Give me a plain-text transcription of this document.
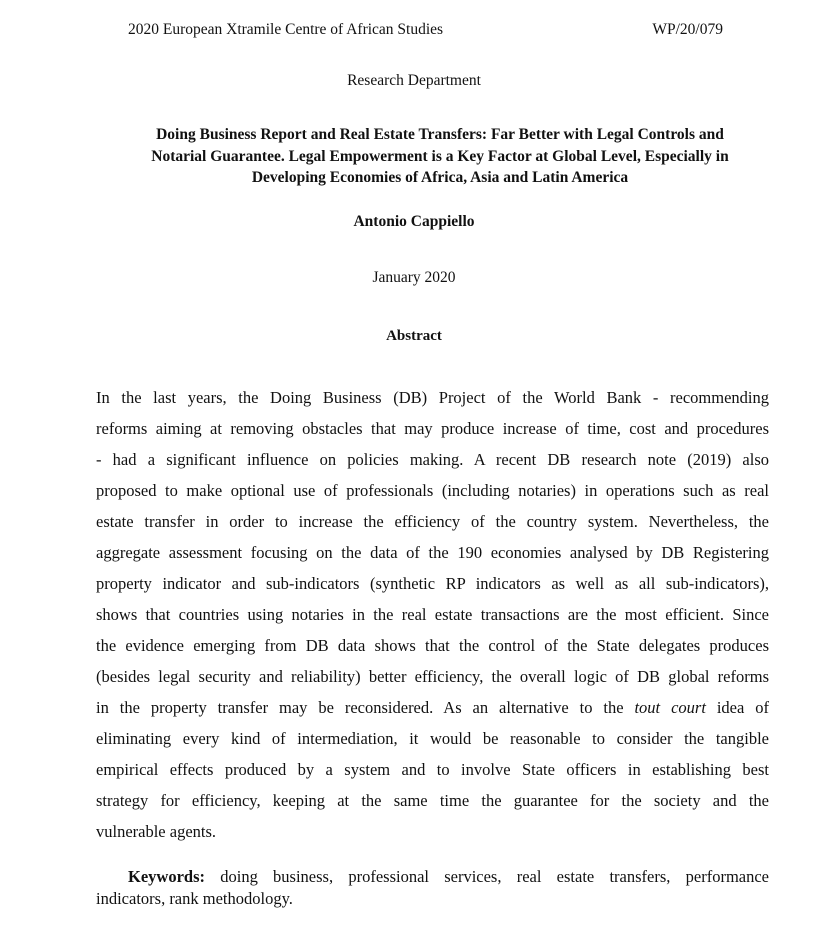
2020 European Xtramile Centre of African Studies	WP/20/079
Research Department
Doing Business Report and Real Estate Transfers: Far Better with Legal Controls and
Notarial Guarantee. Legal Empowerment is a Key Factor at Global Level, Especially in
Developing Economies of Africa, Asia and Latin America
Antonio Cappiello
January 2020
Abstract
In the last years, the Doing Business (DB) Project of the World Bank - recommending
reforms aiming at removing obstacles that may produce increase of time, cost and procedures
- had a significant influence on policies making. A recent DB research note (2019) also
proposed to make optional use of professionals (including notaries) in operations such as real
estate transfer in order to increase the efficiency of the country system. Nevertheless, the
aggregate assessment focusing on the data of the 190 economies analysed by DB Registering
property indicator and sub-indicators (synthetic RP indicators as well as all sub-indicators),
shows that countries using notaries in the real estate transactions are the most efficient. Since
the evidence emerging from DB data shows that the control of the State delegates produces
(besides legal security and reliability) better efficiency, the overall logic of DB global reforms
in the property transfer may be reconsidered. As an alternative to the tout court idea of
eliminating every kind of intermediation, it would be reasonable to consider the tangible
empirical effects produced by a system and to involve State officers in establishing best
strategy for efficiency, keeping at the same time the guarantee for the society and the
vulnerable agents.
Keywords: doing business, professional services, real estate transfers, performance
indicators, rank methodology.
